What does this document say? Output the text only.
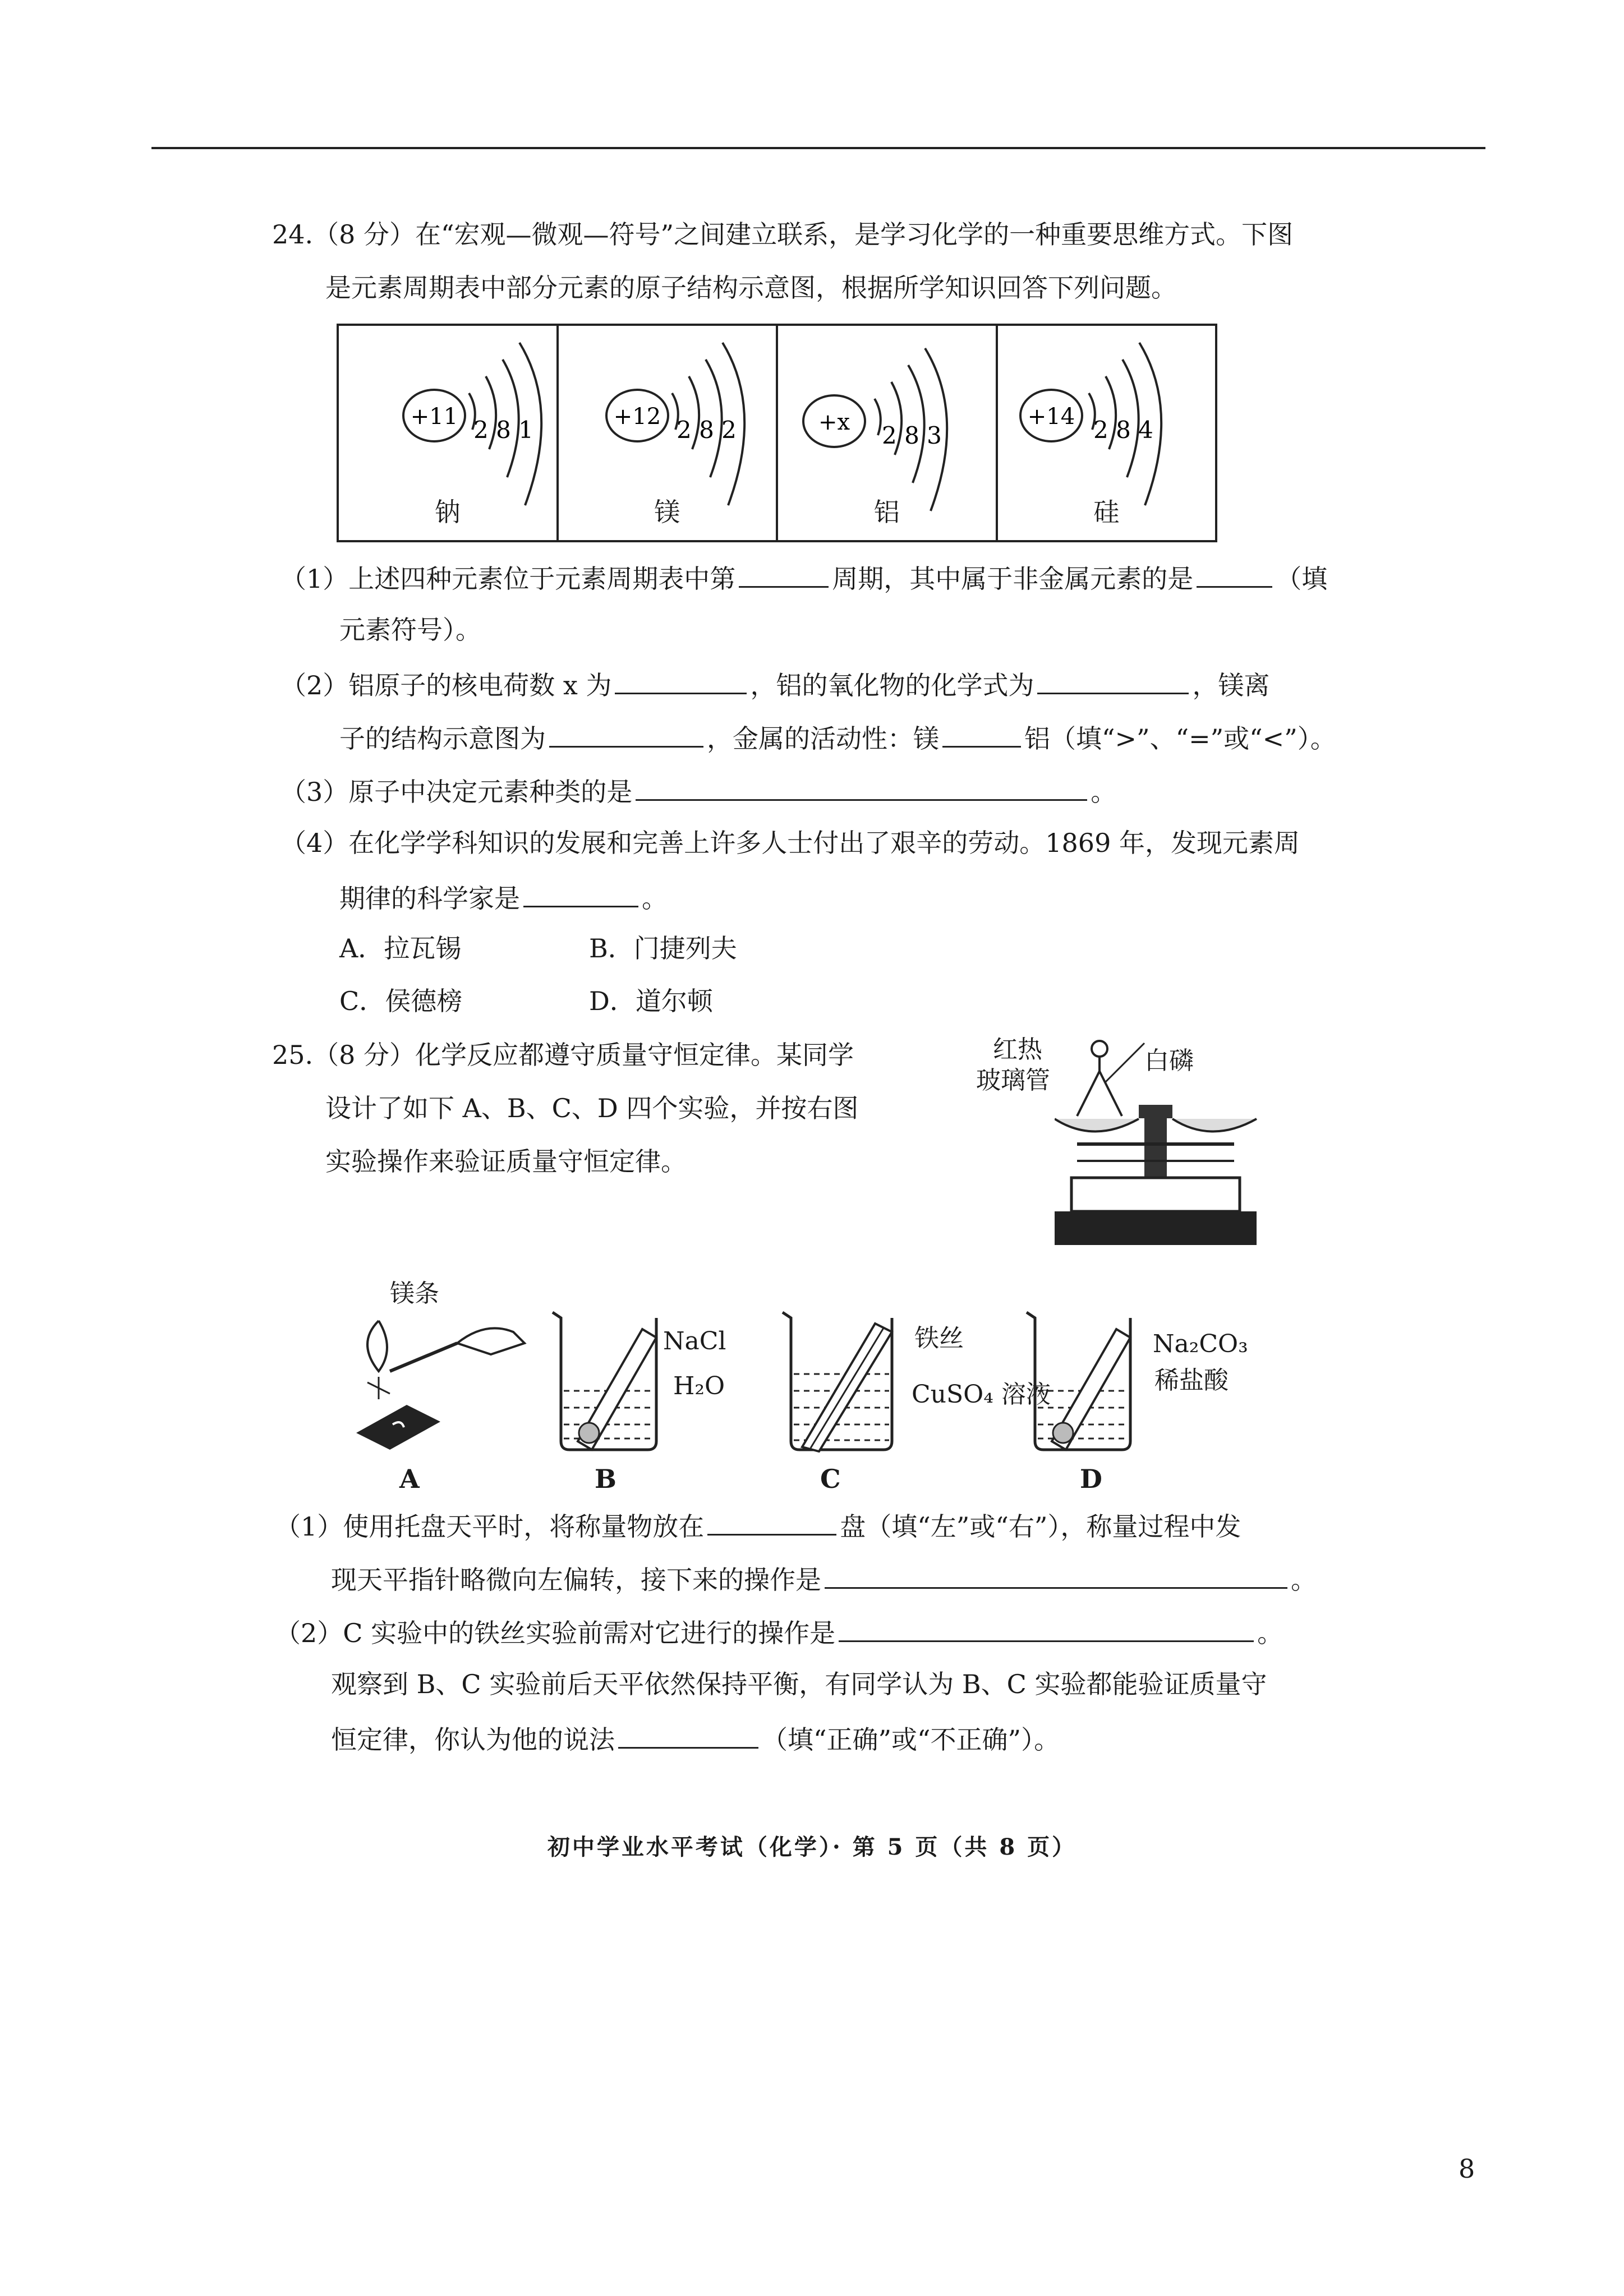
24.（8 分）在“宏观—微观—符号”之间建立联系，是学习化学的一种重要思维方式。下图
是元素周期表中部分元素的原子结构示意图，根据所学知识回答下列问题。
+11 2 8 1
钠
+12 2 8 2
镁
+x 2 8 3
铝
+14 2 8 4
硅
（1）上述四种元素位于元素周期表中第	周期，其中属于非金属元素的是	（填
元素符号）。
（2）铝原子的核电荷数 x 为	，铝的氧化物的化学式为	，镁离
子的结构示意图为	，金属的活动性：镁	铝（填“>”、“=”或“<”）。
（3）原子中决定元素种类的是	。
（4）在化学学科知识的发展和完善上许多人士付出了艰辛的劳动。1869 年，发现元素周
期律的科学家是	。
A．拉瓦锡	B．门捷列夫
C．侯德榜	D．道尔顿
25.（8 分）化学反应都遵守质量守恒定律。某同学
设计了如下 A、B、C、D 四个实验，并按右图
实验操作来验证质量守恒定律。
红热
玻璃管
白磷
镁条
NaCl
H₂O
铁丝
CuSO₄ 溶液
Na₂CO₃
稀盐酸
A	B	C	D
（1）使用托盘天平时，将称量物放在	盘（填“左”或“右”），称量过程中发
现天平指针略微向左偏转，接下来的操作是	。
（2）C 实验中的铁丝实验前需对它进行的操作是	。
观察到 B、C 实验前后天平依然保持平衡，有同学认为 B、C 实验都能验证质量守
恒定律，你认为他的说法	（填“正确”或“不正确”）。
初中学业水平考试（化学）· 第 5 页（共 8 页）
8
